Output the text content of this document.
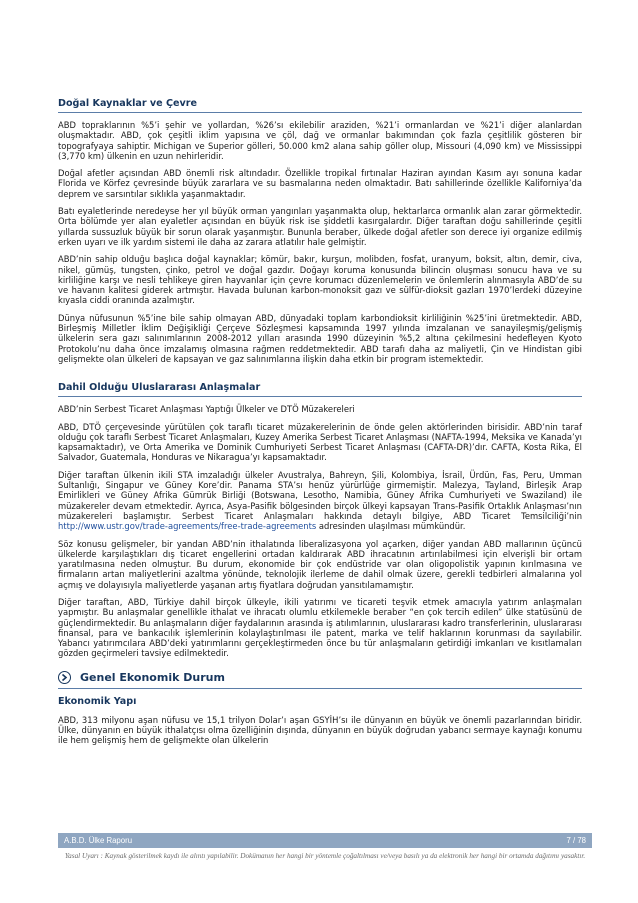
Doğal Kaynaklar ve Çevre

ABD topraklarının %5’i şehir ve yollardan, %26’sı ekilebilir araziden, %21’i ormanlardan ve %21’i diğer alanlardan oluşmaktadır. ABD, çok çeşitli iklim yapısına ve çöl, dağ ve ormanlar bakımından çok fazla çeşitlilik gösteren bir topografyaya sahiptir. Michigan ve Superior gölleri, 50.000 km2 alana sahip göller olup, Missouri (4,090 km) ve Mississippi (3,770 km) ülkenin en uzun nehirleridir.

Doğal afetler açısından ABD önemli risk altındadır. Özellikle tropikal fırtınalar Haziran ayından Kasım ayı sonuna kadar Florida ve Körfez çevresinde büyük zararlara ve su basmalarına neden olmaktadır. Batı sahillerinde özellikle Kaliforniya’da deprem ve sarsıntılar sıklıkla yaşanmaktadır.

Batı eyaletlerinde neredeyse her yıl büyük orman yangınları yaşanmakta olup, hektarlarca ormanlık alan zarar görmektedir. Orta bölümde yer alan eyaletler açısından en büyük risk ise şiddetli kasırgalardır. Diğer taraftan doğu sahillerinde çeşitli yıllarda sussuzluk büyük bir sorun olarak yaşanmıştır. Bununla beraber, ülkede doğal afetler son derece iyi organize edilmiş erken uyarı ve ilk yardım sistemi ile daha az zarara atlatılır hale gelmiştir.

ABD’nin sahip olduğu başlıca doğal kaynaklar; kömür, bakır, kurşun, molibden, fosfat, uranyum, boksit, altın, demir, civa, nikel, gümüş, tungsten, çinko, petrol ve doğal gazdır. Doğayı koruma konusunda bilincin oluşması sonucu hava ve su kirliliğine karşı ve nesli tehlikeye giren hayvanlar için çevre korumacı düzenlemelerin ve önlemlerin alınmasıyla ABD’de su ve havanın kalitesi giderek artmıştır. Havada bulunan karbon-monoksit gazı ve sülfür-dioksit gazları 1970’lerdeki düzeyine kıyasla ciddi oranında azalmıştır.

Dünya nüfusunun %5’ine bile sahip olmayan ABD, dünyadaki toplam karbondioksit kirliliğinin %25’ini üretmektedir. ABD, Birleşmiş Milletler İklim Değişikliği Çerçeve Sözleşmesi kapsamında 1997 yılında imzalanan ve sanayileşmiş/gelişmiş ülkelerin sera gazı salınımlarının 2008-2012 yılları arasında 1990 düzeyinin %5,2 altına çekilmesini hedefleyen Kyoto Protokolu’nu daha önce imzalamış olmasına rağmen reddetmektedir. ABD tarafı daha az maliyetli, Çin ve Hindistan gibi gelişmekte olan ülkeleri de kapsayan ve gaz salınımlarına ilişkin daha etkin bir program istemektedir.

Dahil Olduğu Uluslararası Anlaşmalar

ABD’nin Serbest Ticaret Anlaşması Yaptığı Ülkeler ve DTÖ Müzakereleri

ABD, DTÖ çerçevesinde yürütülen çok taraflı ticaret müzakerelerinin de önde gelen aktörlerinden birisidir. ABD’nin taraf olduğu çok taraflı Serbest Ticaret Anlaşmaları, Kuzey Amerika Serbest Ticaret Anlaşması (NAFTA-1994, Meksika ve Kanada’yı kapsamaktadır), ve Orta Amerika ve Dominik Cumhuriyeti Serbest Ticaret Anlaşması (CAFTA-DR)’dır. CAFTA, Kosta Rika, El Salvador, Guatemala, Honduras ve Nikaragua’yı kapsamaktadır.

Diğer taraftan ülkenin ikili STA imzaladığı ülkeler Avustralya, Bahreyn, Şili, Kolombiya, İsrail, Ürdün, Fas, Peru, Umman Sultanlığı, Singapur ve Güney Kore’dir. Panama STA’sı henüz yürürlüğe girmemiştir. Malezya, Tayland, Birleşik Arap Emirlikleri ve Güney Afrika Gümrük Birliği (Botswana, Lesotho, Namibia, Güney Afrika Cumhuriyeti ve Swaziland) ile müzakereler devam etmektedir. Ayrıca, Asya-Pasifik bölgesinden birçok ülkeyi kapsayan Trans-Pasifik Ortaklık Anlaşması’nın müzakereleri başlamıştır. Serbest Ticaret Anlaşmaları hakkında detaylı bilgiye, ABD Ticaret Temsilciliği’nin http://www.ustr.gov/trade-agreements/free-trade-agreements adresinden ulaşılması mümkündür.

Söz konusu gelişmeler, bir yandan ABD’nin ithalatında liberalizasyona yol açarken, diğer yandan ABD mallarının üçüncü ülkelerde karşılaştıkları dış ticaret engellerini ortadan kaldırarak ABD ihracatının artırılabilmesi için elverişli bir ortam yaratılmasına neden olmuştur. Bu durum, ekonomide bir çok endüstride var olan oligopolistik yapının kırılmasına ve firmaların artan maliyetlerini azaltma yönünde, teknolojik ilerleme de dahil olmak üzere, gerekli tedbirleri almalarına yol açmış ve dolayısıyla maliyetlerde yaşanan artış fiyatlara doğrudan yansıtılamamıştır.

Diğer taraftan, ABD, Türkiye dahil birçok ülkeyle, ikili yatırımı ve ticareti teşvik etmek amacıyla yatırım anlaşmaları yapmıştır. Bu anlaşmalar genellikle ithalat ve ihracatı olumlu etkilemekle beraber “en çok tercih edilen” ülke statüsünü de güçlendirmektedir. Bu anlaşmaların diğer faydalarının arasında iş atılımlarının, uluslararası kadro transferlerinin, uluslararası finansal, para ve bankacılık işlemlerinin kolaylaştırılması ile patent, marka ve telif haklarının korunması da sayılabilir. Yabancı yatırımcılara ABD’deki yatırımlarını gerçekleştirmeden önce bu tür anlaşmaların getirdiği imkanları ve kısıtlamaları gözden geçirmeleri tavsiye edilmektedir.

Genel Ekonomik Durum
Ekonomik Yapı

ABD, 313 milyonu aşan nüfusu ve 15,1 trilyon Dolar’ı aşan GSYİH’sı ile dünyanın en büyük ve önemli pazarlarından biridir. Ülke, dünyanın en büyük ithalatçısı olma özelliğinin dışında, dünyanın en büyük doğrudan yabancı sermaye kaynağı konumu ile hem gelişmiş hem de gelişmekte olan ülkelerin

A.B.D. Ülke Raporu	7 / 78
Yasal Uyarı : Kaynak gösterilmek kaydı ile alıntı yapılabilir. Dokümanın her hangi bir yöntemle çoğaltılması ve/veya basılı ya da elektronik her hangi bir ortamda dağıtımı yasaktır.
